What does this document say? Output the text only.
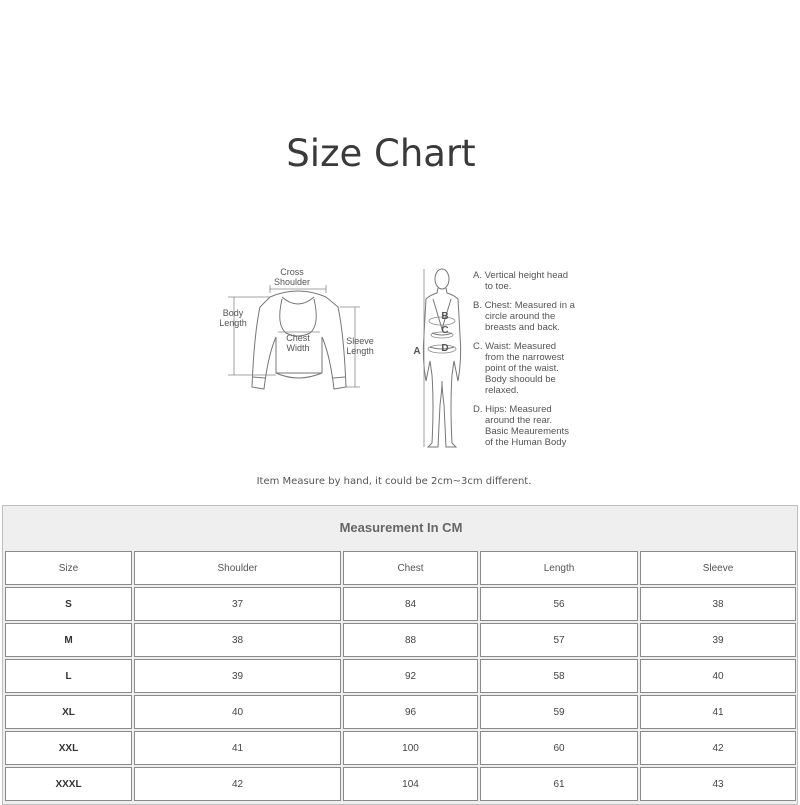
Size Chart
Cross
Shoulder
Body
Length
Chest
Width
Sleeve
Length	A
B
C
D

A. Vertical height head

to toe.

B. Chest: Measured in a

circle around the

breasts and back.

C. Waist: Measured

from the narrowest

point of the waist.

Body shoould be

relaxed.

D. Hips: Measured

around the rear.

Basic Meaurements

of the Human Body

Item Measure by hand, it could be 2cm~3cm different.
Measurement In CM
Size	Shoulder	Chest	Length	Sleeve
S	37	84	56	38
M	38	88	57	39
L	39	92	58	40
XL	40	96	59	41
XXL	41	100	60	42
XXXL	42	104	61	43
